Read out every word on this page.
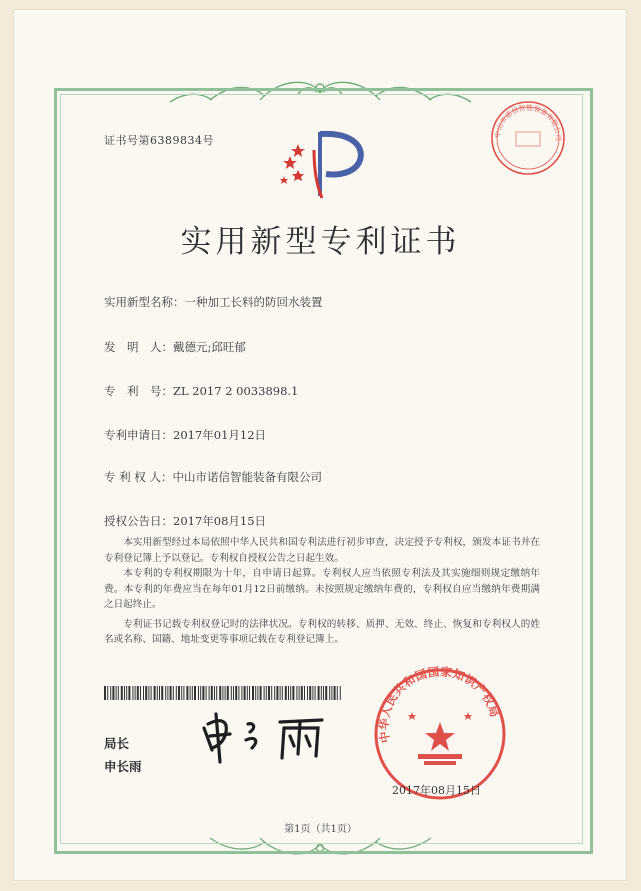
证书号第6389834号	中山市诺信智能装备有限公司
实用新型专利证书
实用新型名称：一种加工长料的防回水装置
发　明　人：戴德元;邱旺郁
专　利　号：ZL 2017 2 0033898.1
专利申请日：2017年01月12日
专 利 权 人：中山市诺信智能装备有限公司
授权公告日：2017年08月15日

本实用新型经过本局依照中华人民共和国专利法进行初步审查，决定授予专利权，颁发本证书并在专利登记簿上予以登记。专利权自授权公告之日起生效。

本专利的专利权期限为十年，自申请日起算。专利权人应当依照专利法及其实施细则规定缴纳年费。本专利的年费应当在每年01月12日前缴纳。未按照规定缴纳年费的，专利权自应当缴纳年费期满之日起终止。

专利证书记载专利权登记时的法律状况。专利权的转移、质押、无效、终止、恢复和专利权人的姓名或名称、国籍、地址变更等事项记载在专利登记簿上。

局长
申长雨
中华人民共和国国家知识产权局
2017年08月15日
第1页（共1页）
